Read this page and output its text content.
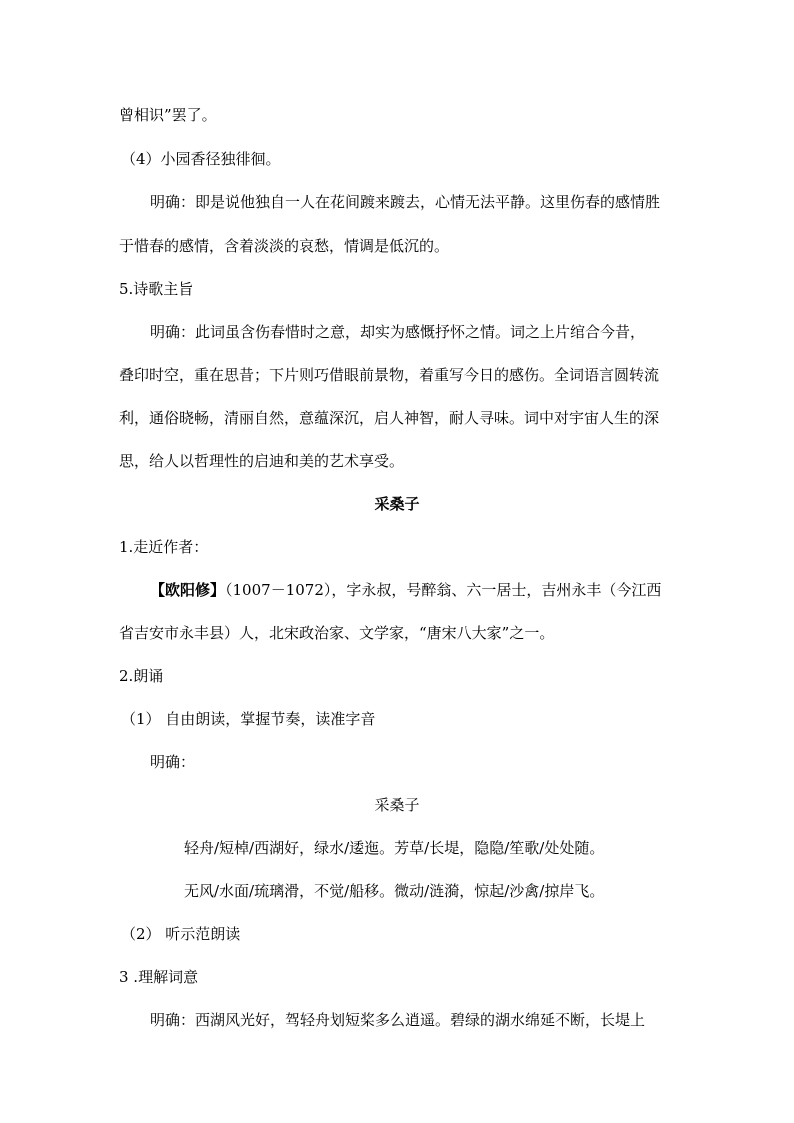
曾相识”罢了。
（4）小园香径独徘徊。
明确：即是说他独自一人在花间踱来踱去，心情无法平静。这里伤春的感情胜
于惜春的感情，含着淡淡的哀愁，情调是低沉的。
5.诗歌主旨
明确：此词虽含伤春惜时之意，却实为感慨抒怀之情。词之上片绾合今昔，
叠印时空，重在思昔；下片则巧借眼前景物，着重写今日的感伤。全词语言圆转流
利，通俗晓畅，清丽自然，意蕴深沉，启人神智，耐人寻味。词中对宇宙人生的深
思，给人以哲理性的启迪和美的艺术享受。
采桑子
1.走近作者：
【欧阳修】（1007－1072），字永叔，号醉翁、六一居士，吉州永丰（今江西
省吉安市永丰县）人，北宋政治家、文学家，“唐宋八大家”之一。
2.朗诵
（1） 自由朗读，掌握节奏，读准字音
明确：
采桑子
轻舟/短棹/西湖好，绿水/逶迤。芳草/长堤，隐隐/笙歌/处处随。
无风/水面/琉璃滑，不觉/船移。微动/涟漪，惊起/沙禽/掠岸飞。
（2） 听示范朗读
3 .理解词意
明确：西湖风光好，驾轻舟划短桨多么逍遥。碧绿的湖水绵延不断，长堤上
